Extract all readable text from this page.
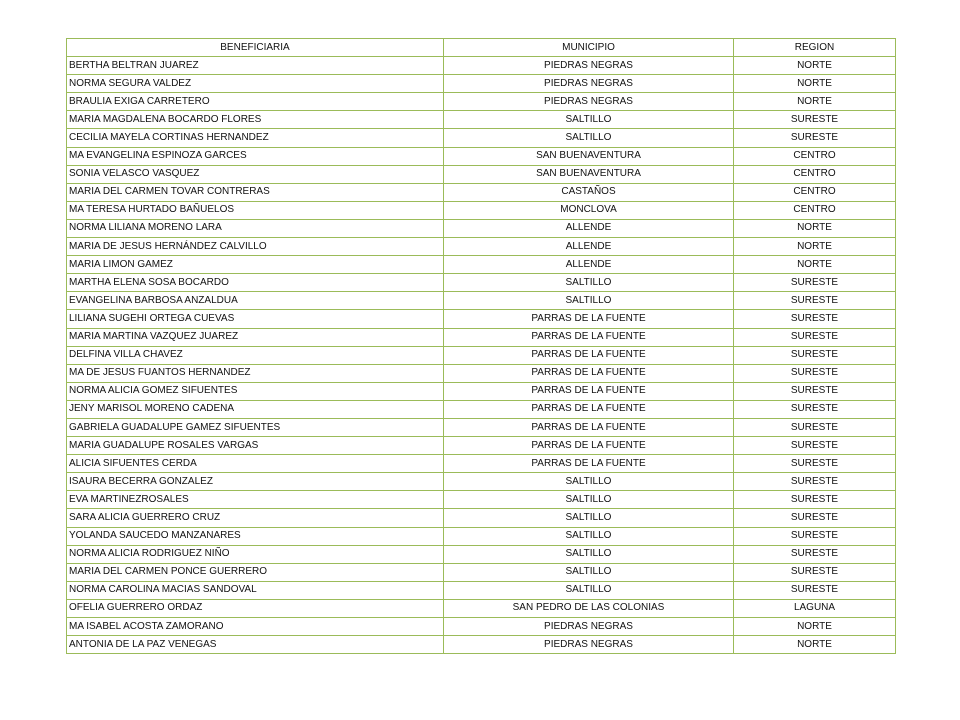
BENEFICIARIA	MUNICIPIO	REGION
BERTHA BELTRAN JUAREZ	PIEDRAS NEGRAS	NORTE
NORMA SEGURA VALDEZ	PIEDRAS NEGRAS	NORTE
BRAULIA EXIGA CARRETERO	PIEDRAS NEGRAS	NORTE
MARIA MAGDALENA BOCARDO FLORES	SALTILLO	SURESTE
CECILIA MAYELA CORTINAS HERNANDEZ	SALTILLO	SURESTE
MA EVANGELINA ESPINOZA GARCES	SAN BUENAVENTURA	CENTRO
SONIA VELASCO VASQUEZ	SAN BUENAVENTURA	CENTRO
MARIA DEL CARMEN TOVAR CONTRERAS	CASTAÑOS	CENTRO
MA TERESA HURTADO BAÑUELOS	MONCLOVA	CENTRO
NORMA LILIANA MORENO LARA	ALLENDE	NORTE
MARIA DE JESUS HERNÁNDEZ CALVILLO	ALLENDE	NORTE
MARIA LIMON GAMEZ	ALLENDE	NORTE
MARTHA ELENA SOSA BOCARDO	SALTILLO	SURESTE
EVANGELINA BARBOSA ANZALDUA	SALTILLO	SURESTE
LILIANA SUGEHI ORTEGA CUEVAS	PARRAS DE LA FUENTE	SURESTE
MARIA MARTINA VAZQUEZ JUAREZ	PARRAS DE LA FUENTE	SURESTE
DELFINA VILLA CHAVEZ	PARRAS DE LA FUENTE	SURESTE
MA DE JESUS FUANTOS HERNANDEZ	PARRAS DE LA FUENTE	SURESTE
NORMA ALICIA GOMEZ SIFUENTES	PARRAS DE LA FUENTE	SURESTE
JENY MARISOL MORENO CADENA	PARRAS DE LA FUENTE	SURESTE
GABRIELA GUADALUPE GAMEZ SIFUENTES	PARRAS DE LA FUENTE	SURESTE
MARIA GUADALUPE ROSALES VARGAS	PARRAS DE LA FUENTE	SURESTE
ALICIA SIFUENTES CERDA	PARRAS DE LA FUENTE	SURESTE
ISAURA BECERRA GONZALEZ	SALTILLO	SURESTE
EVA MARTINEZROSALES	SALTILLO	SURESTE
SARA ALICIA GUERRERO CRUZ	SALTILLO	SURESTE
YOLANDA SAUCEDO MANZANARES	SALTILLO	SURESTE
NORMA ALICIA RODRIGUEZ NIÑO	SALTILLO	SURESTE
MARIA DEL CARMEN PONCE GUERRERO	SALTILLO	SURESTE
NORMA CAROLINA MACIAS SANDOVAL	SALTILLO	SURESTE
OFELIA GUERRERO ORDAZ	SAN PEDRO DE LAS COLONIAS	LAGUNA
MA ISABEL ACOSTA ZAMORANO	PIEDRAS NEGRAS	NORTE
ANTONIA DE LA PAZ VENEGAS	PIEDRAS NEGRAS	NORTE
